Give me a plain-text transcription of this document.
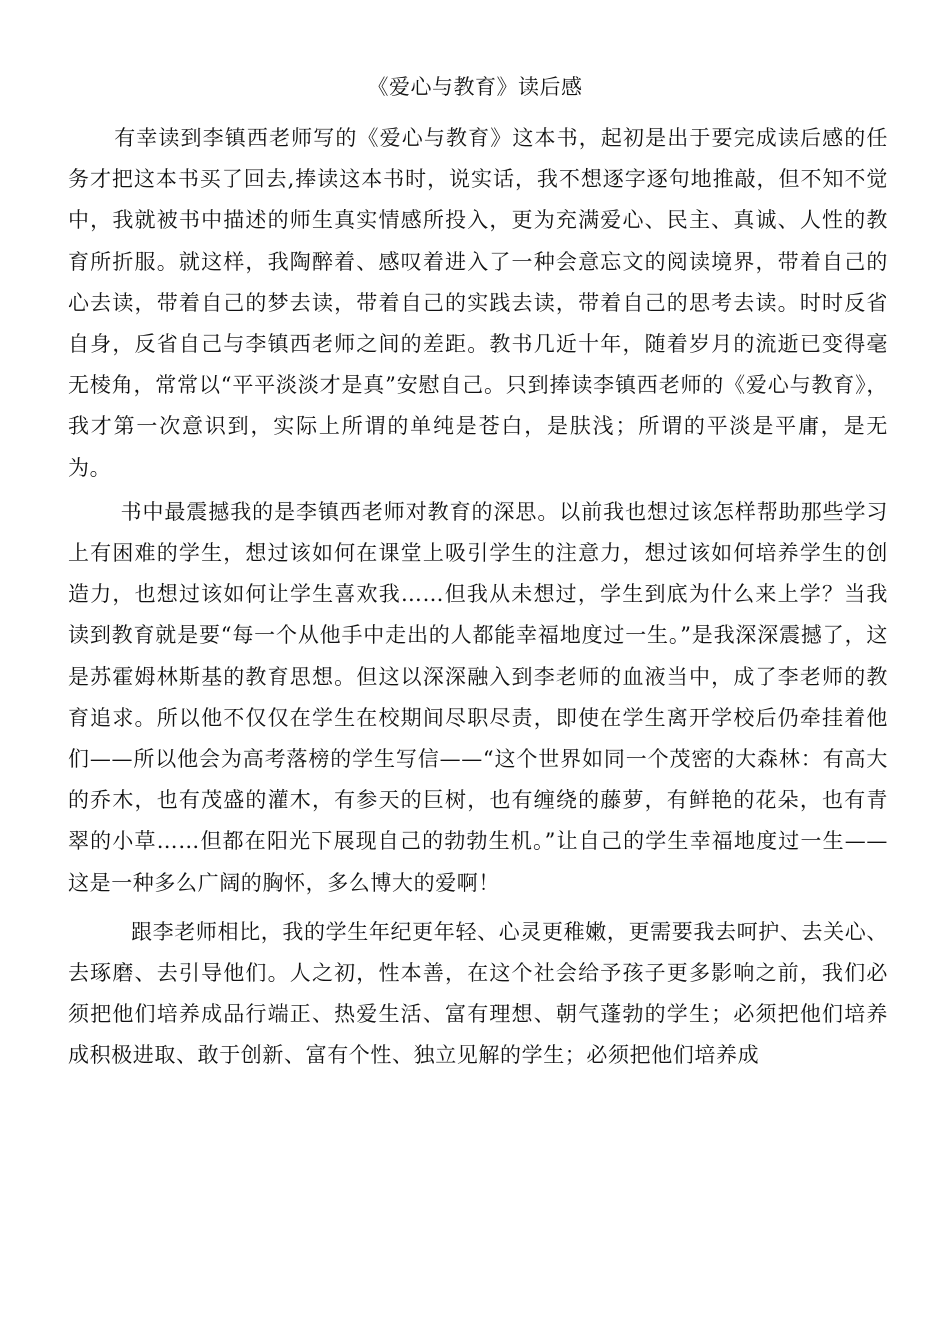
《爱心与教育》读后感

有幸读到李镇西老师写的《爱心与教育》这本书，起初是出于要完成读后感的任务才把这本书买了回去,捧读这本书时，说实话，我不想逐字逐句地推敲，但不知不觉中，我就被书中描述的师生真实情感所投入，更为充满爱心、民主、真诚、人性的教育所折服。就这样，我陶醉着、感叹着进入了一种会意忘文的阅读境界，带着自己的心去读，带着自己的梦去读，带着自己的实践去读，带着自己的思考去读。时时反省自身，反省自己与李镇西老师之间的差距。教书几近十年，随着岁月的流逝已变得毫无棱角，常常以“平平淡淡才是真”安慰自己。只到捧读李镇西老师的《爱心与教育》，我才第一次意识到，实际上所谓的单纯是苍白，是肤浅；所谓的平淡是平庸，是无为。

书中最震撼我的是李镇西老师对教育的深思。以前我也想过该怎样帮助那些学习上有困难的学生，想过该如何在课堂上吸引学生的注意力，想过该如何培养学生的创造力，也想过该如何让学生喜欢我……但我从未想过，学生到底为什么来上学？当我读到教育就是要“每一个从他手中走出的人都能幸福地度过一生。”是我深深震撼了，这是苏霍姆林斯基的教育思想。但这以深深融入到李老师的血液当中，成了李老师的教育追求。所以他不仅仅在学生在校期间尽职尽责，即使在学生离开学校后仍牵挂着他们——所以他会为高考落榜的学生写信——“这个世界如同一个茂密的大森林：有高大的乔木，也有茂盛的灌木，有参天的巨树，也有缠绕的藤萝，有鲜艳的花朵，也有青翠的小草……但都在阳光下展现自己的勃勃生机。”让自己的学生幸福地度过一生——这是一种多么广阔的胸怀，多么博大的爱啊！

跟李老师相比，我的学生年纪更年轻、心灵更稚嫩，更需要我去呵护、去关心、去琢磨、去引导他们。人之初，性本善，在这个社会给予孩子更多影响之前，我们必须把他们培养成品行端正、热爱生活、富有理想、朝气蓬勃的学生；必须把他们培养成积极进取、敢于创新、富有个性、独立见解的学生；必须把他们培养成
